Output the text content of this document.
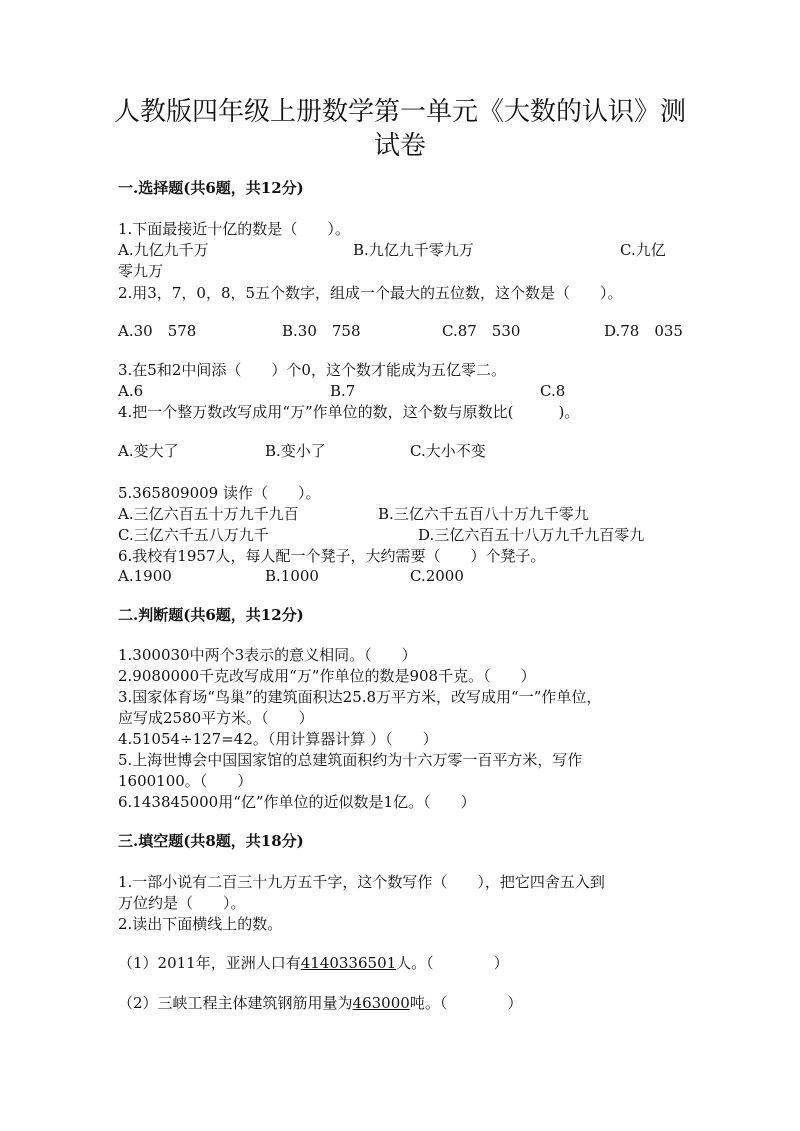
人教版四年级上册数学第一单元《大数的认识》测
试卷
一.选择题(共6题，共12分)
1.下面最接近十亿的数是（　　）。
A.九亿九千万	B.九亿九千零九万	C.九亿
零九万
2.用3，7，0，8，5五个数字，组成一个最大的五位数，这个数是（　　）。
A.30　578	B.30　758	C.87　530	D.78　035
3.在5和2中间添（　　）个0，这个数才能成为五亿零二。
A.6	B.7	C.8
4.把一个整万数改写成用“万”作单位的数，这个数与原数比(　　　)。
A.变大了	B.变小了	C.大小不变
5.365809009 读作（　　）。
A.三亿六百五十万九千九百	B.三亿六千五百八十万九千零九
C.三亿六千五八万九千	D.三亿六百五十八万九千九百零九
6.我校有1957人，每人配一个凳子，大约需要（　　）个凳子。
A.1900	B.1000	C.2000
二.判断题(共6题，共12分)
1.300030中两个3表示的意义相同。（　　）
2.9080000千克改写成用“万”作单位的数是908千克。（　　）
3.国家体育场“鸟巢”的建筑面积达25.8万平方米，改写成用“一”作单位，
应写成2580平方米。（　　）
4.51054÷127=42。（用计算器计算 ）（　　）
5.上海世博会中国国家馆的总建筑面积约为十六万零一百平方米，写作
1600100。（　　）
6.143845000用“亿”作单位的近似数是1亿。（　　）
三.填空题(共8题，共18分)
1.一部小说有二百三十九万五千字，这个数写作（　　），把它四舍五入到
万位约是（　　）。
2.读出下面横线上的数。
（1）2011年，亚洲人口有4140336501人。（　　　　）
（2）三峡工程主体建筑钢筋用量为463000吨。（　　　　）
